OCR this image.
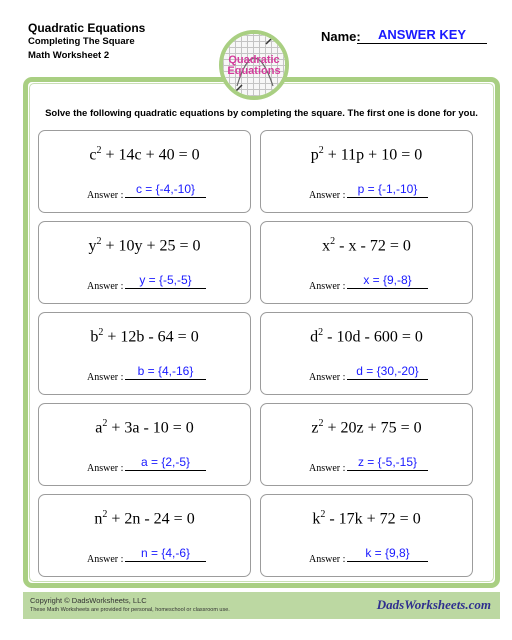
Quadratic Equations
Completing The Square
Math Worksheet 2
Name:	ANSWER KEY
Quadratic
Equations
Solve the following quadratic equations by completing the square. The first one is done for you.
$c^2 + 14c + 40 = 0$
Answer :	c = {-4,-10}
$p^2 + 11p + 10 = 0$
Answer :	p = {-1,-10}
$y^2 + 10y + 25 = 0$
Answer :	y = {-5,-5}
$x^2 - x - 72 = 0$
Answer :	x = {9,-8}
$b^2 + 12b - 64 = 0$
Answer :	b = {4,-16}
$d^2 - 10d - 600 = 0$
Answer : d = {30,-20}
$a^2 + 3a - 10 = 0$
Answer :	a = {2,-5}
$z^2 + 20z + 75 = 0$
Answer :	z = {-5,-15}
$n^2 + 2n - 24 = 0$
Answer :	n = {4,-6}
$k^2 - 17k + 72 = 0$
Answer :	k = {9,8}
Copyright © DadsWorksheets, LLC
These Math Worksheets are provided for personal, homeschool or classroom use.	DadsWorksheets.com
